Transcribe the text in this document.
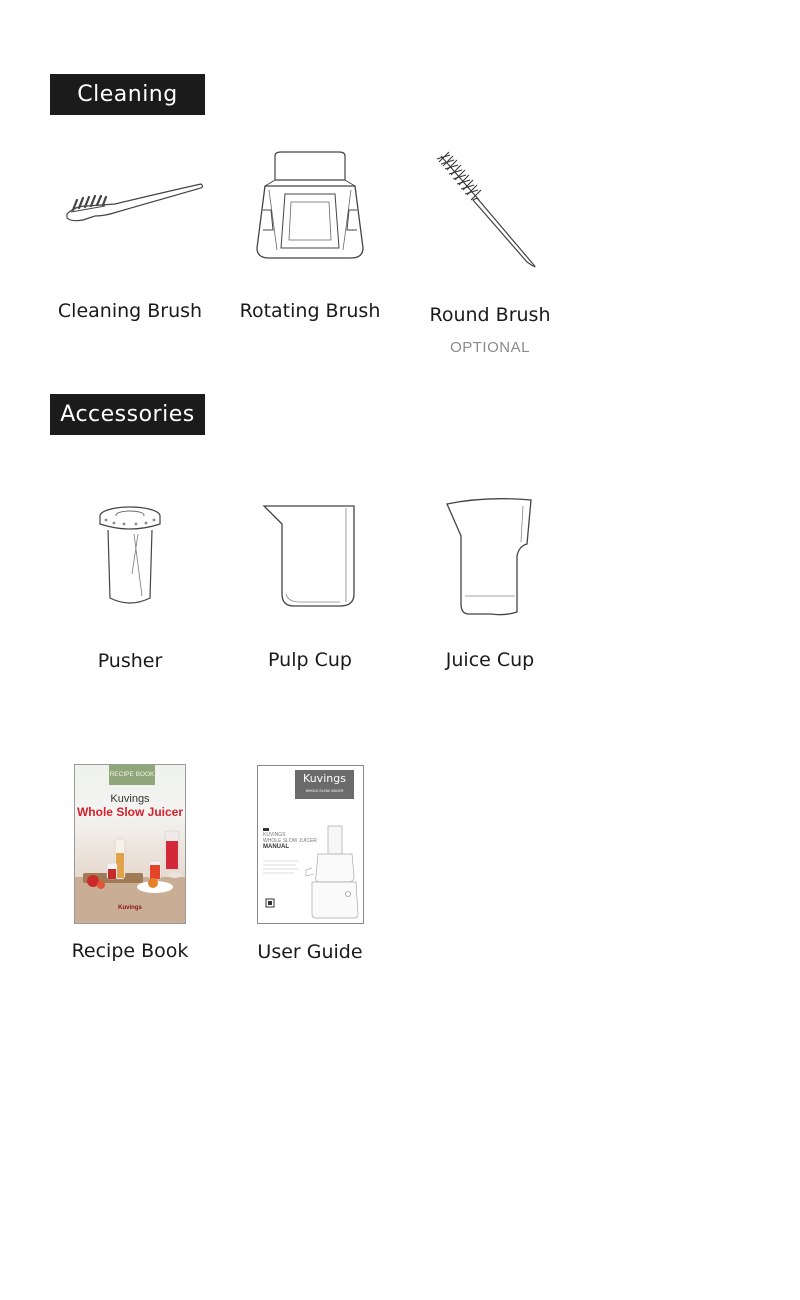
Cleaning
Cleaning Brush	Rotating Brush	Round Brush
OPTIONAL
Accessories
Pusher	Pulp Cup	Juice Cup
RECIPE BOOK
Kuvings
Whole Slow Juicer
Kuvings
Recipe Book
Kuvings
WHOLE SLOW JUICER
KUVINGS
WHOLE SLOW JUICER
MANUAL
User Guide
